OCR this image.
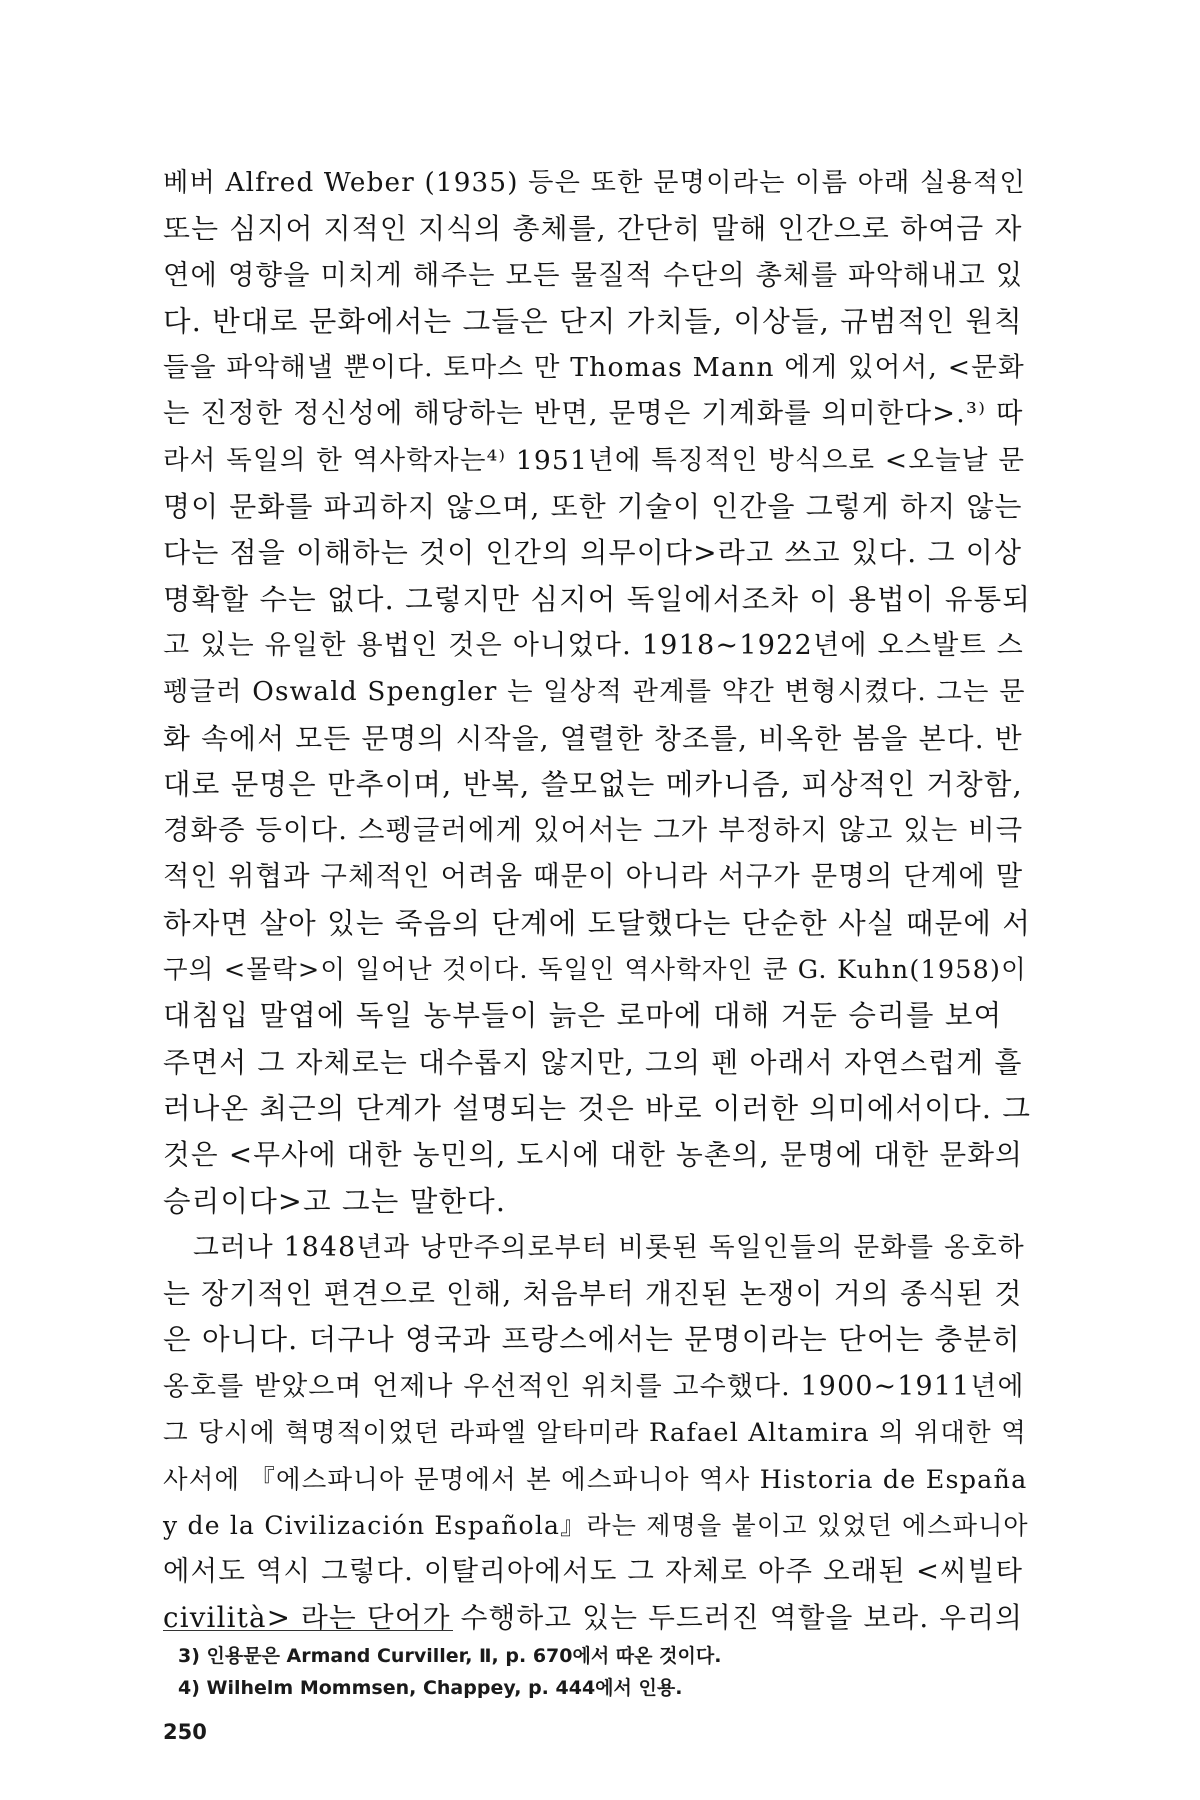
베버 Alfred Weber (1935) 등은 또한 문명이라는 이름 아래 실용적인
또는 심지어 지적인 지식의 총체를, 간단히 말해 인간으로 하여금 자
연에 영향을 미치게 해주는 모든 물질적 수단의 총체를 파악해내고 있
다. 반대로 문화에서는 그들은 단지 가치들, 이상들, 규범적인 원칙
들을 파악해낼 뿐이다. 토마스 만 Thomas Mann 에게 있어서, <문화
는 진정한 정신성에 해당하는 반면, 문명은 기계화를 의미한다>.³⁾ 따
라서 독일의 한 역사학자는⁴⁾ 1951년에 특징적인 방식으로 <오늘날 문
명이 문화를 파괴하지 않으며, 또한 기술이 인간을 그렇게 하지 않는
다는 점을 이해하는 것이 인간의 의무이다>라고 쓰고 있다. 그 이상
명확할 수는 없다. 그렇지만 심지어 독일에서조차 이 용법이 유통되
고 있는 유일한 용법인 것은 아니었다. 1918~1922년에 오스발트 스
펭글러 Oswald Spengler 는 일상적 관계를 약간 변형시켰다. 그는 문
화 속에서 모든 문명의 시작을, 열렬한 창조를, 비옥한 봄을 본다. 반
대로 문명은 만추이며, 반복, 쓸모없는 메카니즘, 피상적인 거창함,
경화증 등이다. 스펭글러에게 있어서는 그가 부정하지 않고 있는 비극
적인 위협과 구체적인 어려움 때문이 아니라 서구가 문명의 단계에 말
하자면 살아 있는 죽음의 단계에 도달했다는 단순한 사실 때문에 서
구의 <몰락>이 일어난 것이다. 독일인 역사학자인 쿤 G. Kuhn(1958)이
대침입 말엽에 독일 농부들이 늙은 로마에 대해 거둔 승리를 보여
주면서 그 자체로는 대수롭지 않지만, 그의 펜 아래서 자연스럽게 흘
러나온 최근의 단계가 설명되는 것은 바로 이러한 의미에서이다. 그
것은 <무사에 대한 농민의, 도시에 대한 농촌의, 문명에 대한 문화의
승리이다>고 그는 말한다.
그러나 1848년과 낭만주의로부터 비롯된 독일인들의 문화를 옹호하
는 장기적인 편견으로 인해, 처음부터 개진된 논쟁이 거의 종식된 것
은 아니다. 더구나 영국과 프랑스에서는 문명이라는 단어는 충분히
옹호를 받았으며 언제나 우선적인 위치를 고수했다. 1900~1911년에
그 당시에 혁명적이었던 라파엘 알타미라 Rafael Altamira 의 위대한 역
사서에 『에스파니아 문명에서 본 에스파니아 역사 Historia de España
y de la Civilización Española』라는 제명을 붙이고 있었던 에스파니아
에서도 역시 그렇다. 이탈리아에서도 그 자체로 아주 오래된 <씨빌타
civilità> 라는 단어가 수행하고 있는 두드러진 역할을 보라. 우리의
3) 인용문은 Armand Curviller, Ⅱ, p. 670에서 따온 것이다.
4) Wilhelm Mommsen, Chappey, p. 444에서 인용.
250
